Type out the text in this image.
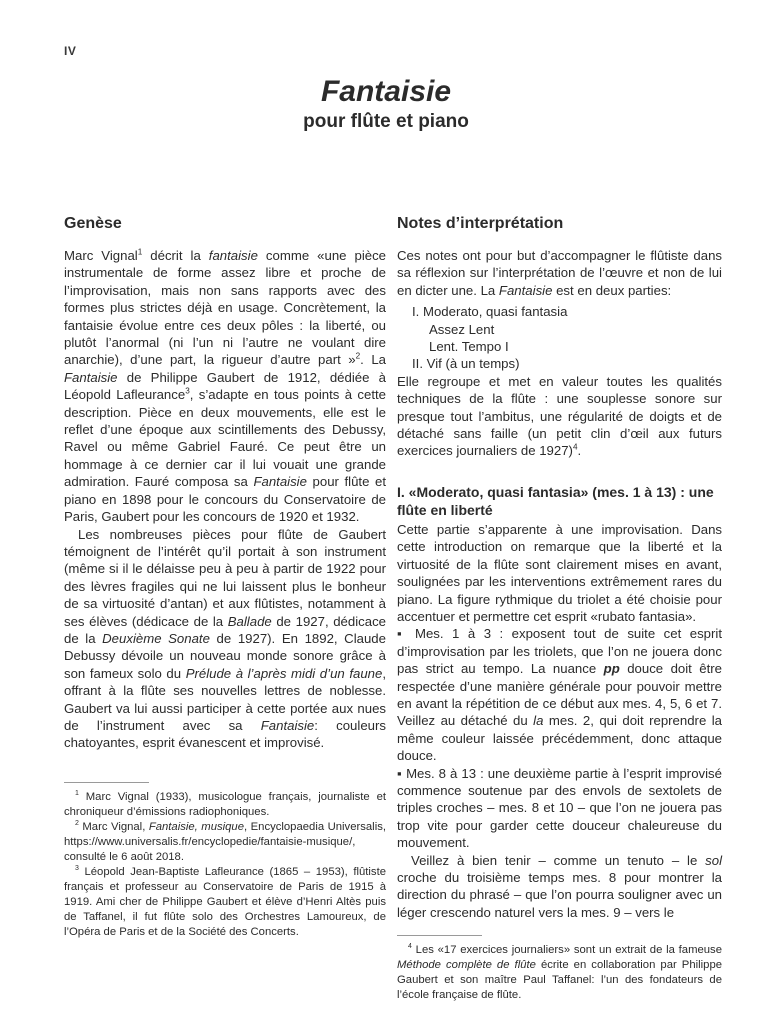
IV
Fantaisie
pour flûte et piano
Genèse

Marc Vignal$^1$ décrit la fantaisie comme «une pièce instrumentale de forme assez libre et proche de l’improvisation, mais non sans rapports avec des formes plus strictes déjà en usage. Concrètement, la fantaisie évolue entre ces deux pôles : la liberté, ou plutôt l’anormal (ni l’un ni l’autre ne voulant dire anarchie), d’une part, la rigueur d’autre part »$^2$. La Fantaisie de Philippe Gaubert de 1912, dédiée à Léopold Lafleurance$^3$, s’adapte en tous points à cette description. Pièce en deux mouvements, elle est le reflet d’une époque aux scintillements des Debussy, Ravel ou même Gabriel Fauré. Ce peut être un hommage à ce dernier car il lui vouait une grande admiration. Fauré composa sa Fantaisie pour flûte et piano en 1898 pour le concours du Conservatoire de Paris, Gaubert pour les concours de 1920 et 1932.

Les nombreuses pièces pour flûte de Gaubert témoignent de l’intérêt qu’il portait à son instrument (même si il le délaisse peu à peu à partir de 1922 pour des lèvres fragiles qui ne lui laissent plus le bonheur de sa virtuosité d’antan) et aux flûtistes, notamment à ses élèves (dédicace de la Ballade de 1927, dédicace de la Deuxième Sonate de 1927). En 1892, Claude Debussy dévoile un nouveau monde sonore grâce à son fameux solo du Prélude à l’après midi d’un faune, offrant à la flûte ses nouvelles lettres de noblesse. Gaubert va lui aussi participer à cette portée aux nues de l’instrument avec sa Fantaisie: couleurs chatoyantes, esprit évanescent et improvisé.

$^1$ Marc Vignal (1933), musicologue français, journaliste et chroniqueur d’émissions radiophoniques.

$^2$ Marc Vignal, Fantaisie, musique, Encyclopaedia Universalis, https://www.universalis.fr/encyclopedie/fantaisie-musique/, consulté le 6 août 2018.

$^3$ Léopold Jean-Baptiste Lafleurance (1865 – 1953), flûtiste français et professeur au Conservatoire de Paris de 1915 à 1919. Ami cher de Philippe Gaubert et élève d’Henri Altès puis de Taffanel, il fut flûte solo des Orchestres Lamoureux, de l’Opéra de Paris et de la Société des Concerts.

Notes d’interprétation

Ces notes ont pour but d’accompagner le flûtiste dans sa réflexion sur l’interprétation de l’œuvre et non de lui en dicter une. La Fantaisie est en deux parties:

I. Moderato, quasi fantasia
Assez Lent
Lent. Tempo I
II. Vif (à un temps)

Elle regroupe et met en valeur toutes les qualités techniques de la flûte : une souplesse sonore sur presque tout l’ambitus, une régularité de doigts et de détaché sans faille (un petit clin d’œil aux futurs exercices journaliers de 1927)$^4$.

I. «Moderato, quasi fantasia» (mes. 1 à 13) : une flûte en liberté

Cette partie s’apparente à une improvisation. Dans cette introduction on remarque que la liberté et la virtuosité de la flûte sont clairement mises en avant, soulignées par les interventions extrêmement rares du piano. La figure rythmique du triolet a été choisie pour accentuer et permettre cet esprit «rubato fantasia».

▪ Mes. 1 à 3 : exposent tout de suite cet esprit d’improvisation par les triolets, que l’on ne jouera donc pas strict au tempo. La nuance pp douce doit être respectée d’une manière générale pour pouvoir mettre en avant la répétition de ce début aux mes. 4, 5, 6 et 7. Veillez au détaché du la mes. 2, qui doit reprendre la même couleur laissée précédemment, donc attaque douce.

▪ Mes. 8 à 13 : une deuxième partie à l’esprit improvisé commence soutenue par des envols de sextolets de triples croches – mes. 8 et 10 – que l’on ne jouera pas trop vite pour garder cette douceur chaleureuse du mouvement.

Veillez à bien tenir – comme un tenuto – le sol croche du troisième temps mes. 8 pour montrer la direction du phrasé – que l’on pourra souligner avec un léger crescendo naturel vers la mes. 9 – vers le

$^4$ Les «17 exercices journaliers» sont un extrait de la fameuse Méthode complète de flûte écrite en collaboration par Philippe Gaubert et son maître Paul Taffanel: l’un des fondateurs de l’école française de flûte.
